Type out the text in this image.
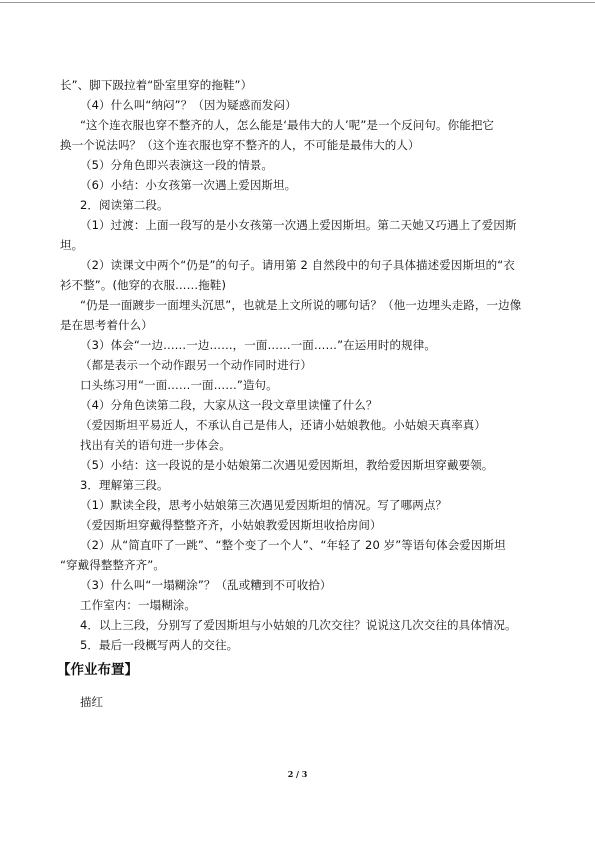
长”、脚下趿拉着“卧室里穿的拖鞋”）
（4）什么叫“纳闷”？（因为疑惑而发闷）
“这个连衣服也穿不整齐的人，怎么能是‘最伟大的人’呢”是一个反问句。你能把它
换一个说法吗？（这个连衣服也穿不整齐的人，不可能是最伟大的人）
（5）分角色即兴表演这一段的情景。
（6）小结：小女孩第一次遇上爱因斯坦。
2．阅读第二段。
（1）过渡：上面一段写的是小女孩第一次遇上爱因斯坦。第二天她又巧遇上了爱因斯
坦。
（2）读课文中两个“仍是”的句子。请用第 2 自然段中的句子具体描述爱因斯坦的“衣
衫不整”。(他穿的衣服……拖鞋)
“仍是一面踱步一面埋头沉思”，也就是上文所说的哪句话？（他一边埋头走路，一边像
是在思考着什么）
（3）体会“一边……一边……，一面……一面……”在运用时的规律。
（都是表示一个动作跟另一个动作同时进行）
口头练习用“一面……一面……”造句。
（4）分角色读第二段，大家从这一段文章里读懂了什么？
（爱因斯坦平易近人，不承认自己是伟人，还请小姑娘教他。小姑娘天真率真）
找出有关的语句进一步体会。
（5）小结：这一段说的是小姑娘第二次遇见爱因斯坦，教给爱因斯坦穿戴要领。
3．理解第三段。
（1）默读全段，思考小姑娘第三次遇见爱因斯坦的情况。写了哪两点？
（爱因斯坦穿戴得整整齐齐，小姑娘教爱因斯坦收拾房间）
（2）从“简直吓了一跳”、“整个变了一个人”、“年轻了 20 岁”等语句体会爱因斯坦
“穿戴得整整齐齐”。
（3）什么叫“一塌糊涂”？（乱或糟到不可收拾）
工作室内：一塌糊涂。
4．以上三段，分别写了爱因斯坦与小姑娘的几次交往？说说这几次交往的具体情况。
5．最后一段概写两人的交往。
【作业布置】
描红
2 / 3
